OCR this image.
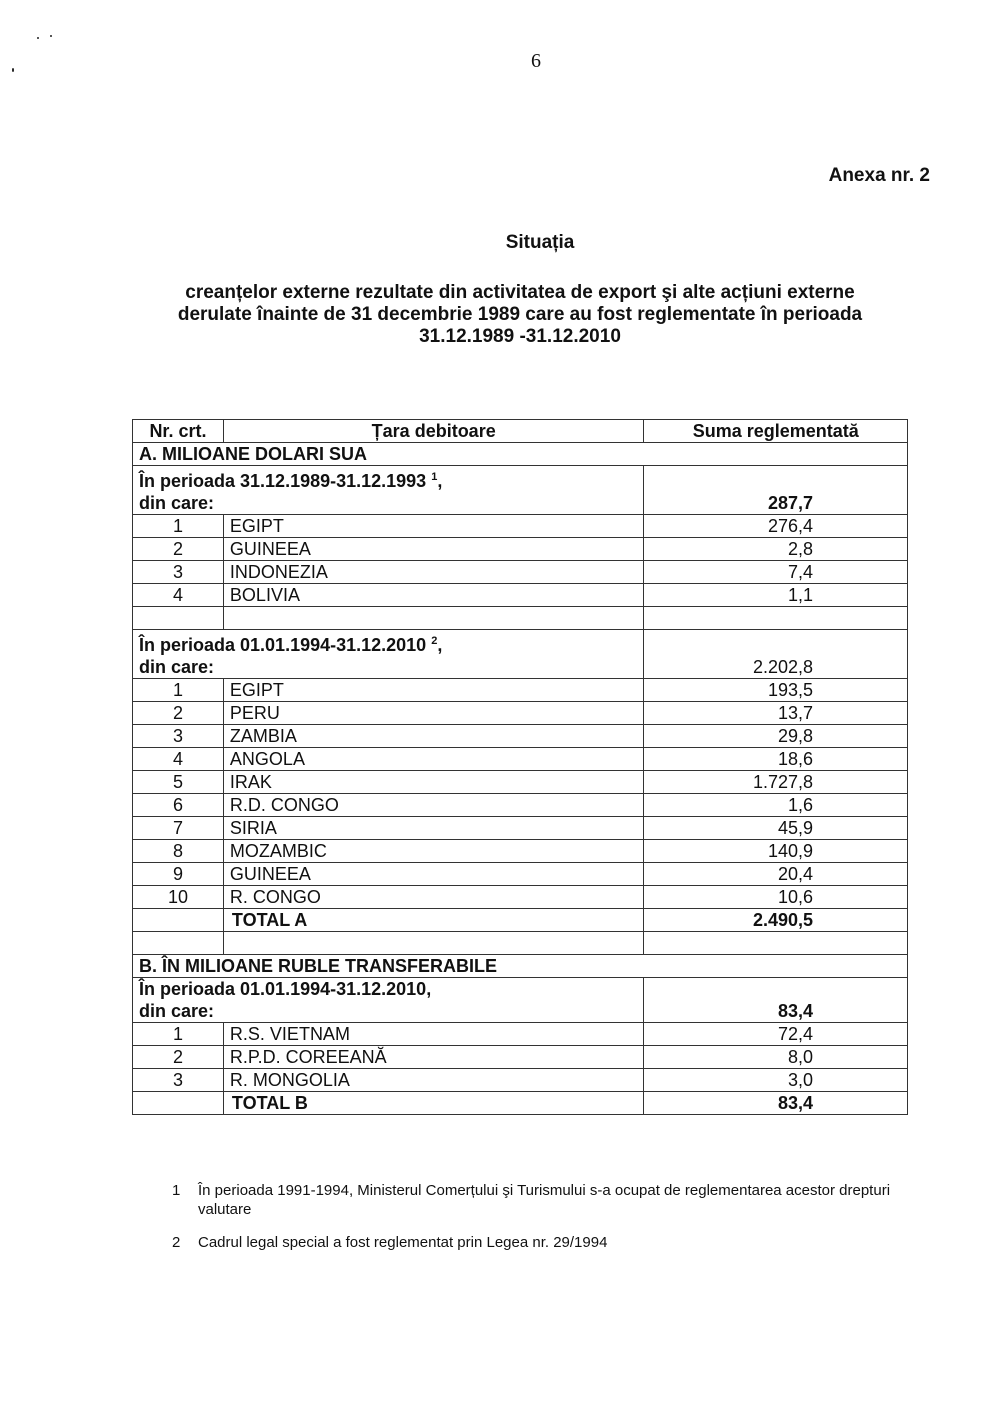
6
Anexa nr. 2
Situația
creanțelor externe rezultate din activitatea de export şi alte acțiuni externe
derulate înainte de 31 decembrie 1989 care au fost reglementate în perioada
31.12.1989 -31.12.2010
Nr. crt.	Țara debitoare	Suma reglementată
A. MILIOANE DOLARI SUA		
În perioada 31.12.1989-31.12.1993 $^1$,
din care:		287,7
1	EGIPT	276,4
2	GUINEEA	2,8
3	INDONEZIA	7,4
4	BOLIVIA	1,1

În perioada 01.01.1994-31.12.2010 $^2$,
din care:		2.202,8
1	EGIPT	193,5
2	PERU	13,7
3	ZAMBIA	29,8
4	ANGOLA	18,6
5	IRAK	1.727,8
6	R.D. CONGO	1,6
7	SIRIA	45,9
8	MOZAMBIC	140,9
9	GUINEEA	20,4
10	R. CONGO	10,6
	TOTAL A	2.490,5

B. ÎN MILIOANE RUBLE TRANSFERABILE		
În perioada 01.01.1994-31.12.2010,
din care:		83,4
1	R.S. VIETNAM	72,4
2	R.P.D. COREEANĂ	8,0
3	R. MONGOLIA	3,0
	TOTAL B	83,4
1	În perioada 1991-1994, Ministerul Comerțului şi Turismului s-a ocupat de reglementarea acestor drepturi valutare
2	Cadrul legal special a fost reglementat prin Legea nr. 29/1994
